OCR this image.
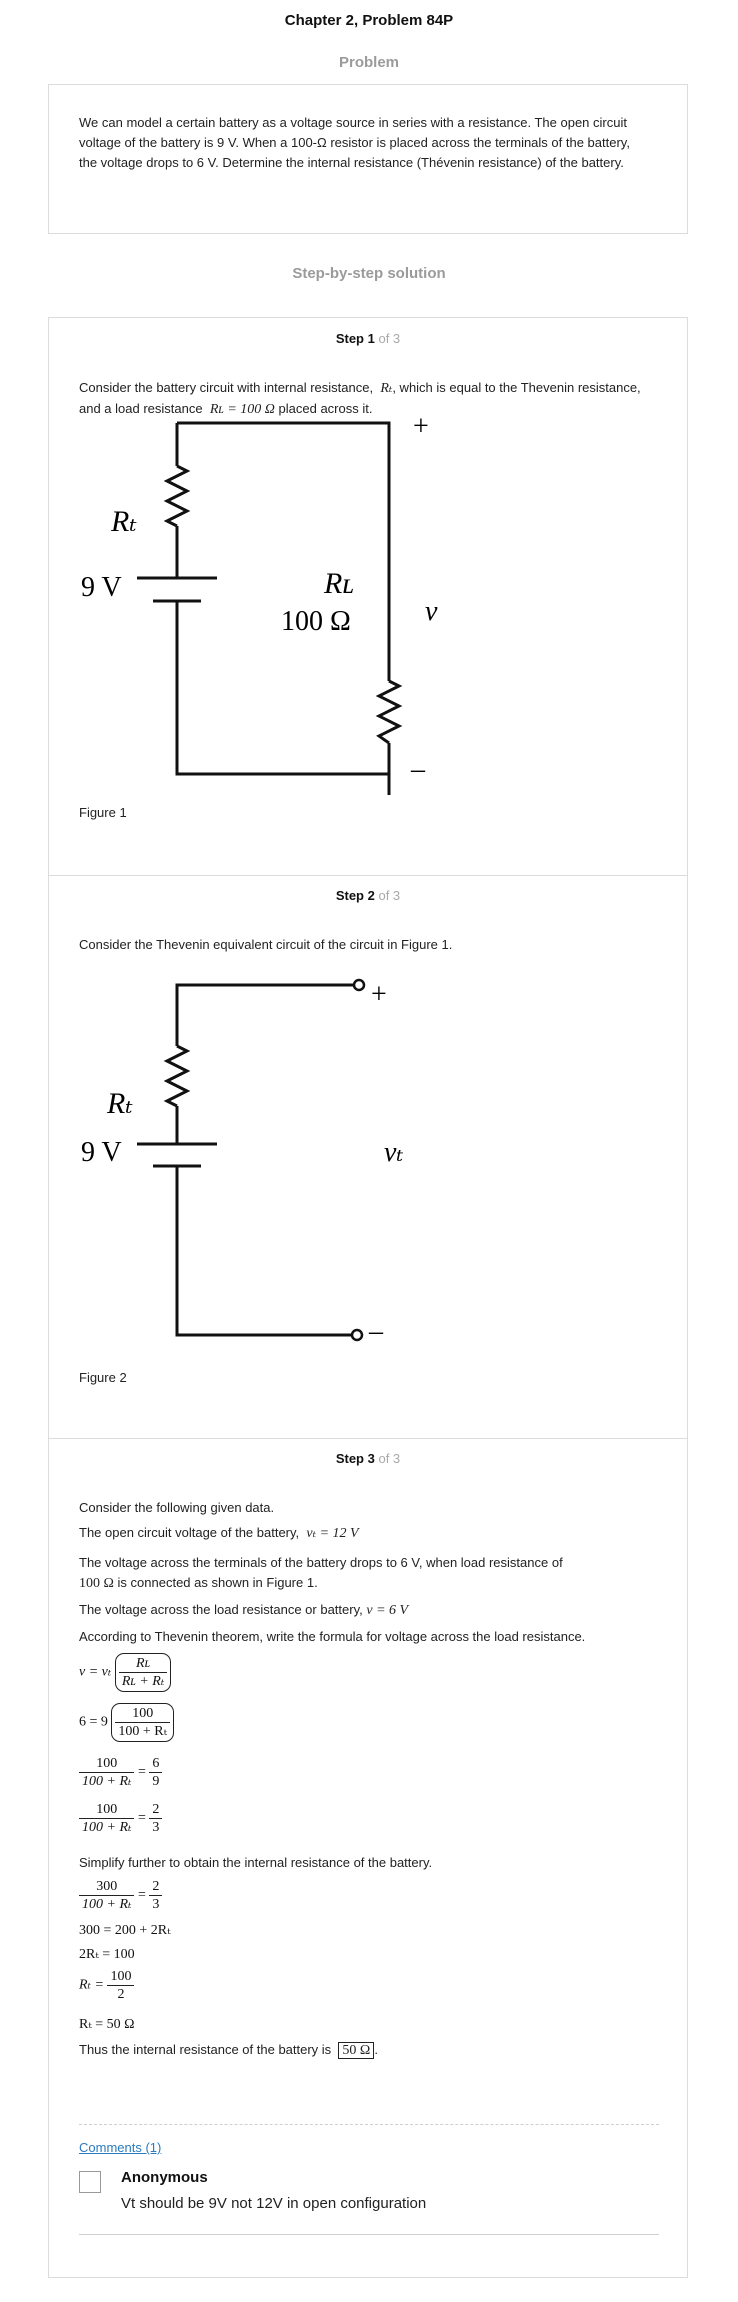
Chapter 2, Problem 84P
Problem
We can model a certain battery as a voltage source in series with a resistance. The open circuit voltage of the battery is 9 V. When a 100-Ω resistor is placed across the terminals of the battery, the voltage drops to 6 V. Determine the internal resistance (Thévenin resistance) of the battery.
Step-by-step solution
Step 1 of 3
Consider the battery circuit with internal resistance, Rₜ, which is equal to the Thevenin resistance, and a load resistance Rʟ = 100 Ω placed across it.
Rₜ
9 V	Rʟ
100 Ω	v
+
–
Figure 1
Step 2 of 3
Consider the Thevenin equivalent circuit of the circuit in Figure 1.
Rₜ
9 V	vₜ
+
–
Figure 2
Step 3 of 3
Consider the following given data.
The open circuit voltage of the battery, vₜ = 12 V
The voltage across the terminals of the battery drops to 6 V, when load resistance of
100 Ω is connected as shown in Figure 1.
The voltage across the load resistance or battery, v = 6 V
According to Thevenin theorem, write the formula for voltage across the load resistance.
v = vₜ $\frac{\text{Rʟ}}{\text{Rʟ + Rₜ}}$
$6 = 9 \frac{100}{\text{100 + Rₜ}}$
$\frac{100}{\text{100 + Rₜ}} = \frac{6}{9}$
$\frac{100}{\text{100 + Rₜ}} = \frac{2}{3}$
Simplify further to obtain the internal resistance of the battery.
$\frac{300}{\text{100 + Rₜ}} = \frac{2}{3}$
300 = 200 + 2Rₜ
2Rₜ = 100
$R_t = \frac{100}{2}$
Rₜ = 50 Ω
Thus the internal resistance of the battery is 50 Ω .
Comments (1)
Anonymous
Vt should be 9V not 12V in open configuration
